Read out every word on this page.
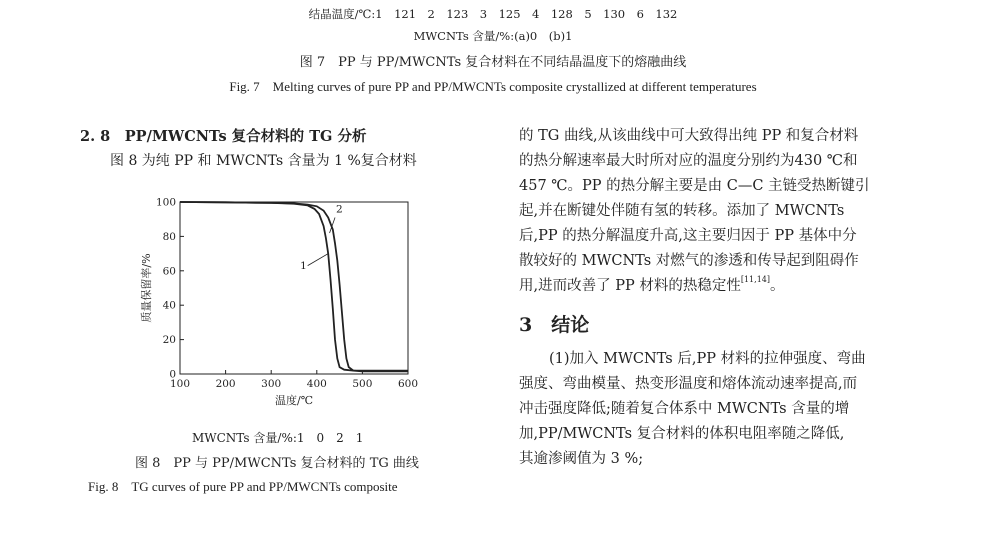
结晶温度/℃:1　121　2　123　3　125　4　128　5　130　6　132
MWCNTs 含量/%:(a)0　(b)1
图 7　PP 与 PP/MWCNTs 复合材料在不同结晶温度下的熔融曲线
Fig. 7　Melting curves of pure PP and PP/MWCNTs composite crystallized at different temperatures
2. 8　PP/MWCNTs 复合材料的 TG 分析
图 8 为纯 PP 和 MWCNTs 含量为 1 %复合材料
100 200 300 400 500 600
0
20
40
60
80
100
1
2
温度/℃
质量保留率/%
MWCNTs 含量/%:1　0　2　1
图 8　PP 与 PP/MWCNTs 复合材料的 TG 曲线
Fig. 8　TG curves of pure PP and PP/MWCNTs composite
的 TG 曲线,从该曲线中可大致得出纯 PP 和复合材料
的热分解速率最大时所对应的温度分别约为430 ℃和
457 ℃。PP 的热分解主要是由 C—C 主链受热断键引
起,并在断键处伴随有氢的转移。添加了 MWCNTs
后,PP 的热分解温度升高,这主要归因于 PP 基体中分
散较好的 MWCNTs 对燃气的渗透和传导起到阻碍作
用,进而改善了 PP 材料的热稳定性[11,14]。
3　结论
(1)加入 MWCNTs 后,PP 材料的拉伸强度、弯曲
强度、弯曲模量、热变形温度和熔体流动速率提高,而
冲击强度降低;随着复合体系中 MWCNTs 含量的增
加,PP/MWCNTs 复合材料的体积电阻率随之降低,
其逾渗阈值为 3 %;
